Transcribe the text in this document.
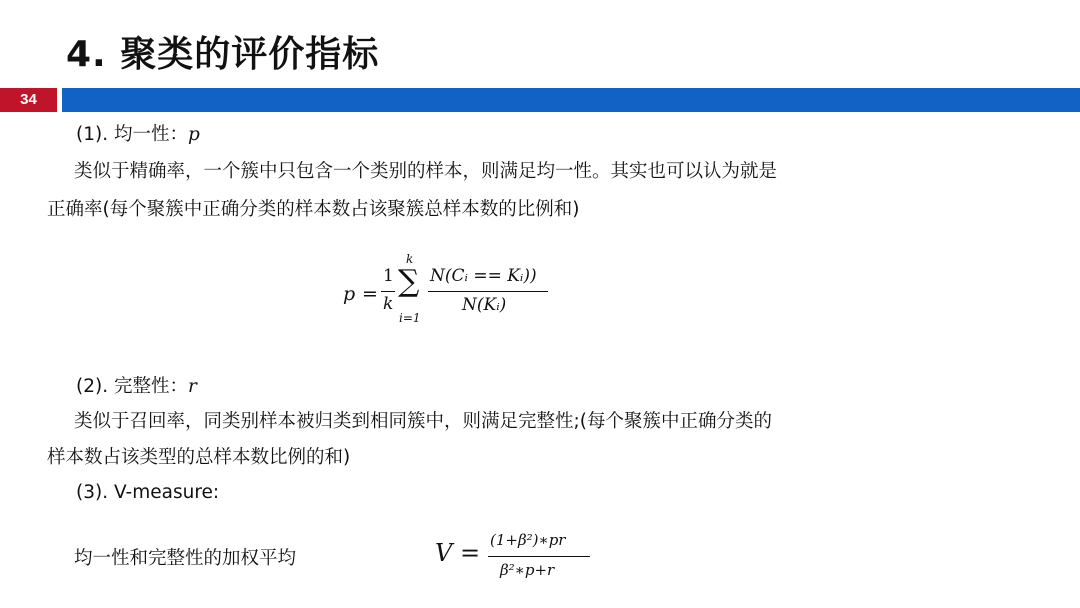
4. 聚类的评价指标
34
(1). 均一性：p
类似于精确率，一个簇中只包含一个类别的样本，则满足均一性。其实也可以认为就是
正确率(每个聚簇中正确分类的样本数占该聚簇总样本数的比例和)
p =
1
k
k
∑
i=1
N(Cᵢ == Kᵢ))
N(Kᵢ)
(2). 完整性：r
类似于召回率，同类别样本被归类到相同簇中，则满足完整性;(每个聚簇中正确分类的
样本数占该类型的总样本数比例的和)
(3). V-measure:
均一性和完整性的加权平均	V = (1+β²)∗pr
β²∗p+r
